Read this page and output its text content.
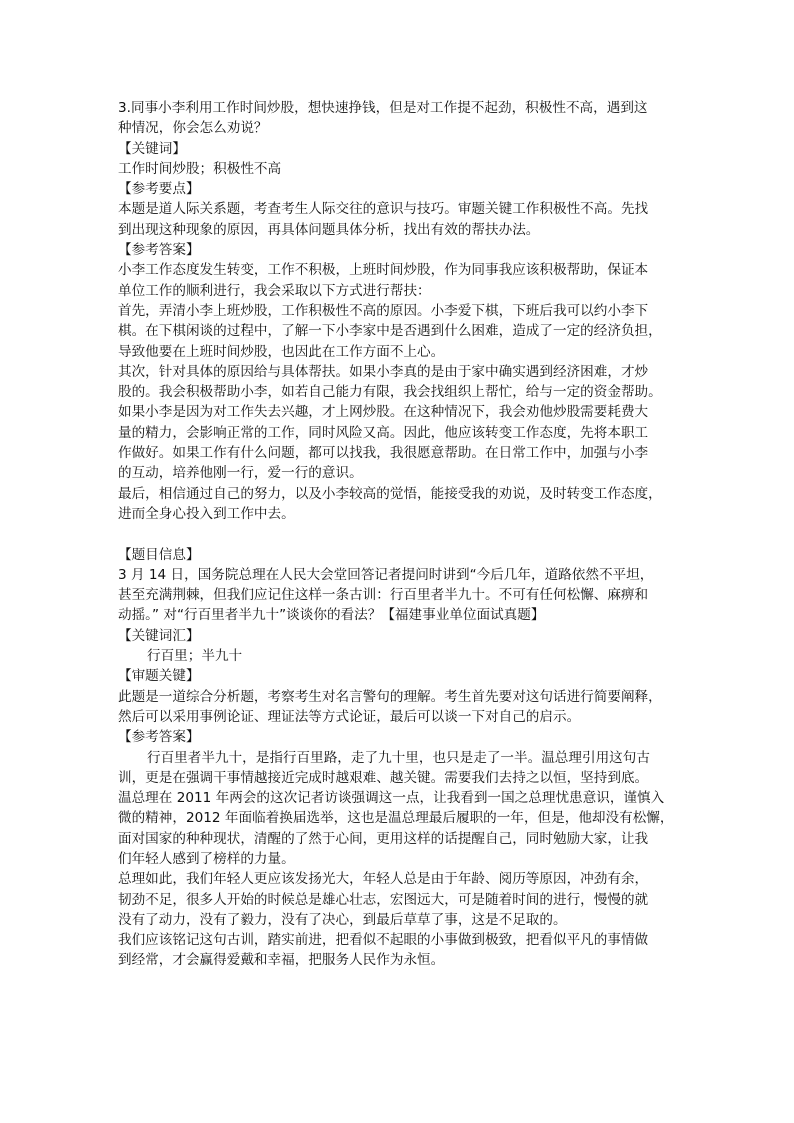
3.同事小李利用工作时间炒股，想快速挣钱，但是对工作提不起劲，积极性不高，遇到这
种情况，你会怎么劝说？
【关键词】
工作时间炒股；积极性不高
【参考要点】
本题是道人际关系题，考查考生人际交往的意识与技巧。审题关键工作积极性不高。先找
到出现这种现象的原因，再具体问题具体分析，找出有效的帮扶办法。
【参考答案】
小李工作态度发生转变，工作不积极，上班时间炒股，作为同事我应该积极帮助，保证本
单位工作的顺利进行，我会采取以下方式进行帮扶：
首先，弄清小李上班炒股，工作积极性不高的原因。小李爱下棋，下班后我可以约小李下
棋。在下棋闲谈的过程中，了解一下小李家中是否遇到什么困难，造成了一定的经济负担，
导致他要在上班时间炒股，也因此在工作方面不上心。
其次，针对具体的原因给与具体帮扶。如果小李真的是由于家中确实遇到经济困难，才炒
股的。我会积极帮助小李，如若自己能力有限，我会找组织上帮忙，给与一定的资金帮助。
如果小李是因为对工作失去兴趣，才上网炒股。在这种情况下，我会劝他炒股需要耗费大
量的精力，会影响正常的工作，同时风险又高。因此，他应该转变工作态度，先将本职工
作做好。如果工作有什么问题，都可以找我，我很愿意帮助。在日常工作中，加强与小李
的互动，培养他刚一行，爱一行的意识。
最后，相信通过自己的努力，以及小李较高的觉悟，能接受我的劝说，及时转变工作态度，
进而全身心投入到工作中去。
【题目信息】
3 月 14 日，国务院总理在人民大会堂回答记者提问时讲到“今后几年，道路依然不平坦，
甚至充满荆棘，但我们应记住这样一条古训：行百里者半九十。不可有任何松懈、麻痹和
动摇。” 对“行百里者半九十”谈谈你的看法？【福建事业单位面试真题】
【关键词汇】
行百里；半九十
【审题关键】
此题是一道综合分析题，考察考生对名言警句的理解。考生首先要对这句话进行简要阐释，
然后可以采用事例论证、理证法等方式论证，最后可以谈一下对自己的启示。
【参考答案】
行百里者半九十，是指行百里路，走了九十里，也只是走了一半。温总理引用这句古
训，更是在强调干事情越接近完成时越艰难、越关键。需要我们去持之以恒，坚持到底。
温总理在 2011 年两会的这次记者访谈强调这一点，让我看到一国之总理忧患意识，谨慎入
微的精神，2012 年面临着换届选举，这也是温总理最后履职的一年，但是，他却没有松懈，
面对国家的种种现状，清醒的了然于心间，更用这样的话提醒自己，同时勉励大家，让我
们年轻人感到了榜样的力量。
总理如此，我们年轻人更应该发扬光大，年轻人总是由于年龄、阅历等原因，冲劲有余，
韧劲不足，很多人开始的时候总是雄心壮志，宏图远大，可是随着时间的进行，慢慢的就
没有了动力，没有了毅力，没有了决心，到最后草草了事，这是不足取的。
我们应该铭记这句古训，踏实前进，把看似不起眼的小事做到极致，把看似平凡的事情做
到经常，才会赢得爱戴和幸福，把服务人民作为永恒。
